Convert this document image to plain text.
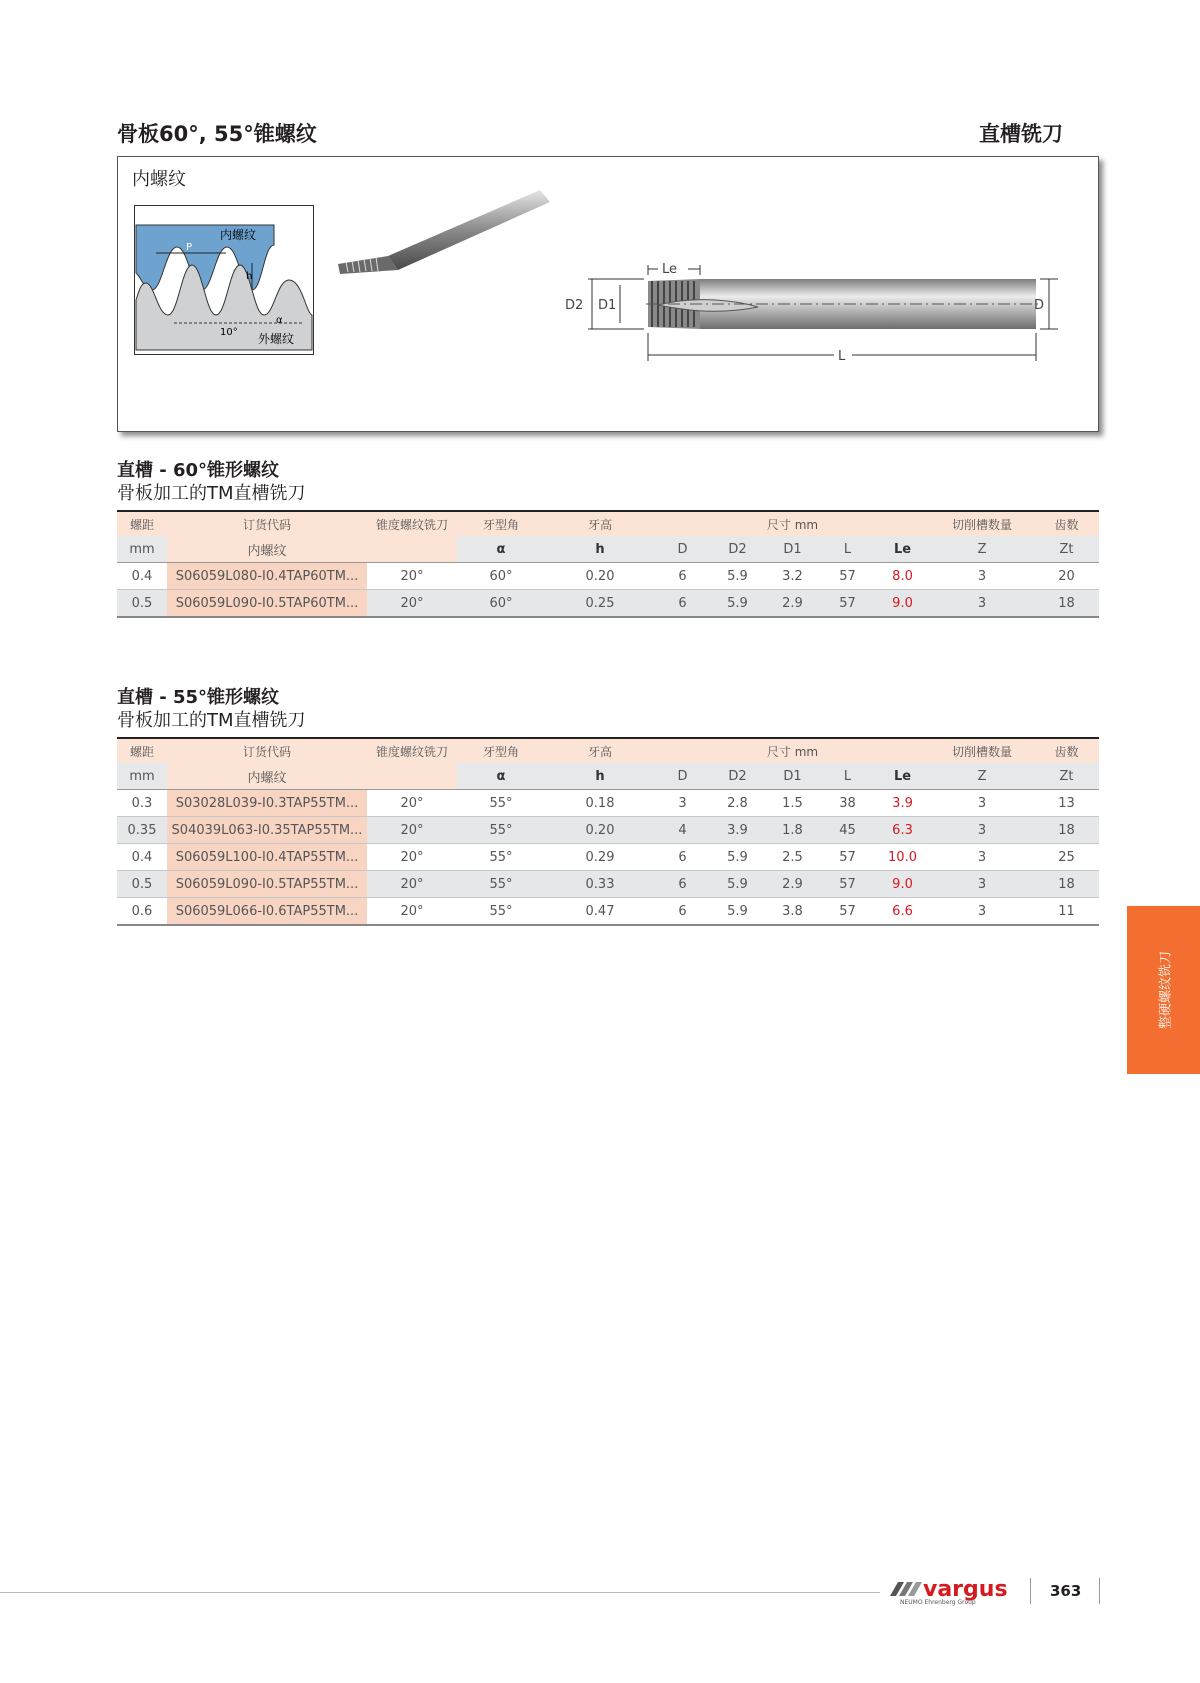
骨板60°, 55°锥螺纹	直槽铣刀
内螺纹
P
h
内螺纹
外螺纹
α
10°
Le
D2 D1	D
L
直槽 - 60°锥形螺纹
骨板加工的TM直槽铣刀
螺距	订货代码	锥度螺纹铣刀	牙型角	牙高	尺寸 mm					切削槽数量	齿数
mm	内螺纹		α	h	D	D2	D1	L	Le	Z	Zt
0.4	S06059L080-I0.4TAP60TM...	20°	60°	0.20	6	5.9	3.2	57	8.0	3	20
0.5	S06059L090-I0.5TAP60TM...	20°	60°	0.25	6	5.9	2.9	57	9.0	3	18
直槽 - 55°锥形螺纹
骨板加工的TM直槽铣刀
螺距	订货代码	锥度螺纹铣刀	牙型角	牙高	尺寸 mm					切削槽数量	齿数
mm	内螺纹		α	h	D	D2	D1	L	Le	Z	Zt
0.3	S03028L039-I0.3TAP55TM...	20°	55°	0.18	3	2.8	1.5	38	3.9	3	13
0.35	S04039L063-I0.35TAP55TM...	20°	55°	0.20	4	3.9	1.8	45	6.3	3	18
0.4	S06059L100-I0.4TAP55TM...	20°	55°	0.29	6	5.9	2.5	57	10.0	3	25
0.5	S06059L090-I0.5TAP55TM...	20°	55°	0.33	6	5.9	2.9	57	9.0	3	18
0.6	S06059L066-I0.6TAP55TM...	20°	55°	0.47	6	5.9	3.8	57	6.6	3	11
整硬螺纹铣刀
vargus
NEUMO Ehrenberg Group
363
